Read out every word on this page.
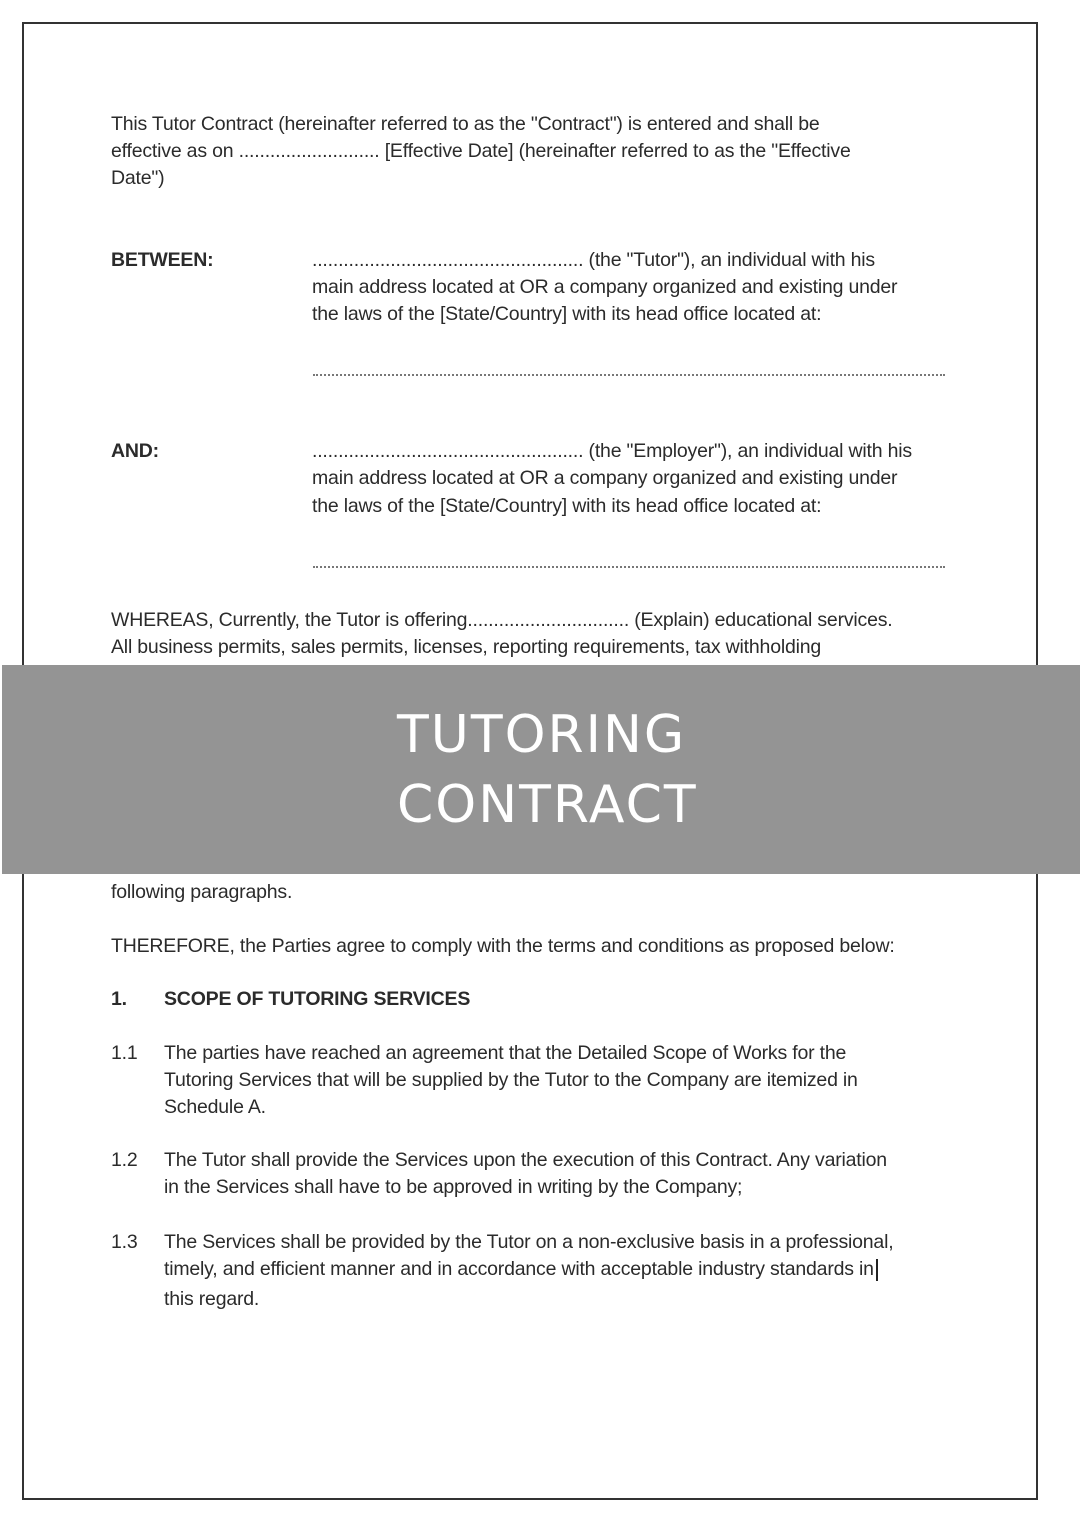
This Tutor Contract (hereinafter referred to as the "Contract") is entered and shall be
effective as on ........................... [Effective Date] (hereinafter referred to as the "Effective
Date")
BETWEEN:	.................................................... (the "Tutor"), an individual with his
main address located at OR a company organized and existing under
the laws of the [State/Country] with its head office located at:
AND:	.................................................... (the "Employer"), an individual with his
main address located at OR a company organized and existing under
the laws of the [State/Country] with its head office located at:
WHEREAS, Currently, the Tutor is offering............................... (Explain) educational services.
All business permits, sales permits, licenses, reporting requirements, tax withholding
TUTORING
CONTRACT
following paragraphs.
THEREFORE, the Parties agree to comply with the terms and conditions as proposed below:
1. SCOPE OF TUTORING SERVICES
1.1 The parties have reached an agreement that the Detailed Scope of Works for the
Tutoring Services that will be supplied by the Tutor to the Company are itemized in
Schedule A.
1.2 The Tutor shall provide the Services upon the execution of this Contract. Any variation
in the Services shall have to be approved in writing by the Company;
1.3 The Services shall be provided by the Tutor on a non-exclusive basis in a professional,
timely, and efficient manner and in accordance with acceptable industry standards in
this regard.
